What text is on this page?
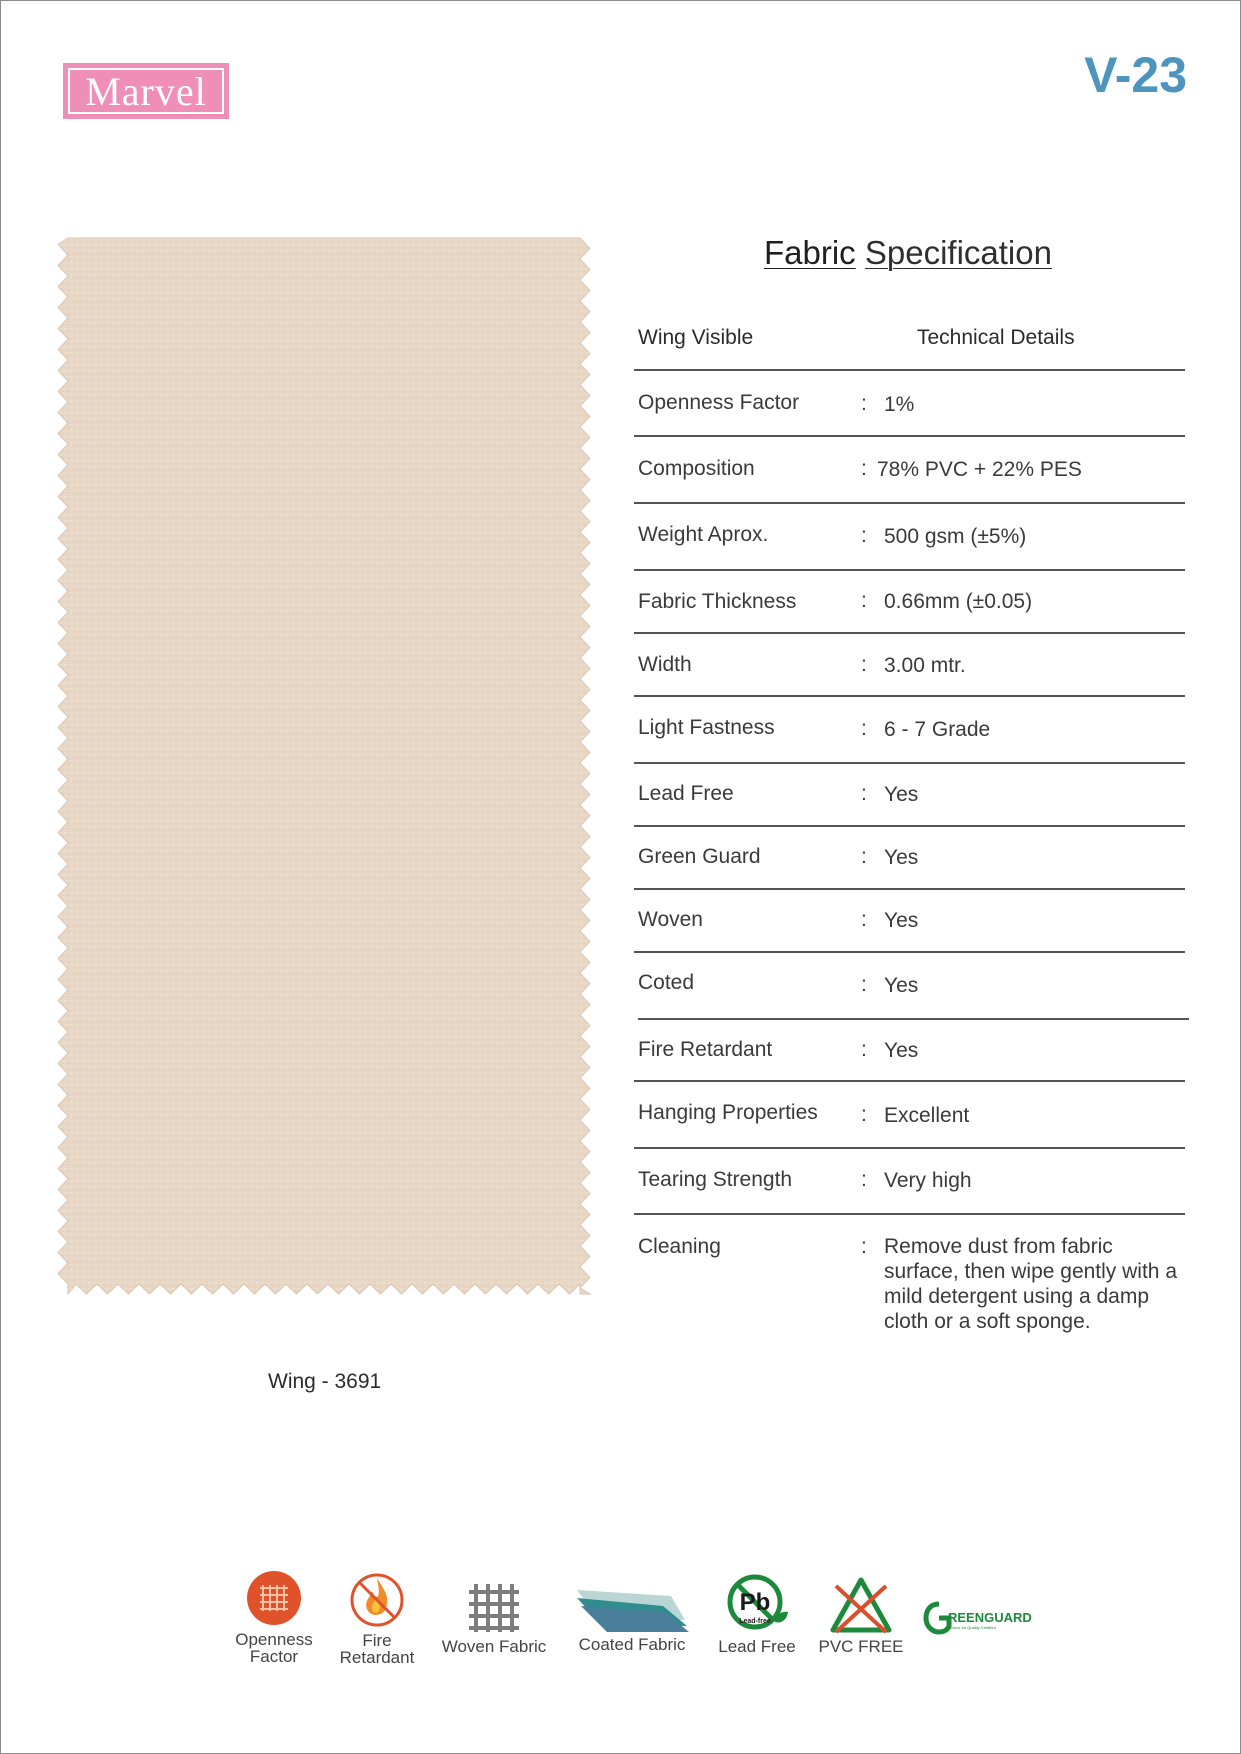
Marvel	V-23
Wing - 3691
Fabric Specification
Wing Visible	Technical Details
Openness Factor	: 1%
Composition	: 78% PVC + 22% PES
Weight Aprox.	: 500 gsm (±5%)
Fabric Thickness	: 0.66mm (±0.05)
Width	: 3.00 mtr.
Light Fastness	: 6 - 7 Grade
Lead Free	: Yes
Green Guard	: Yes
Woven	: Yes
Coted	: Yes
Fire Retardant	: Yes
Hanging Properties : Excellent
Tearing Strength	: Very high
Cleaning	: Remove dust from fabric surface, then wipe gently with a mild detergent using a damp cloth or a soft sponge.
Openness
Factor
Fire
Retardant
Woven Fabric	Coated Fabric
Pb
Lead-free
Lead Free	PVC FREE
REENGUARD
Indoor Air Quality Certified
